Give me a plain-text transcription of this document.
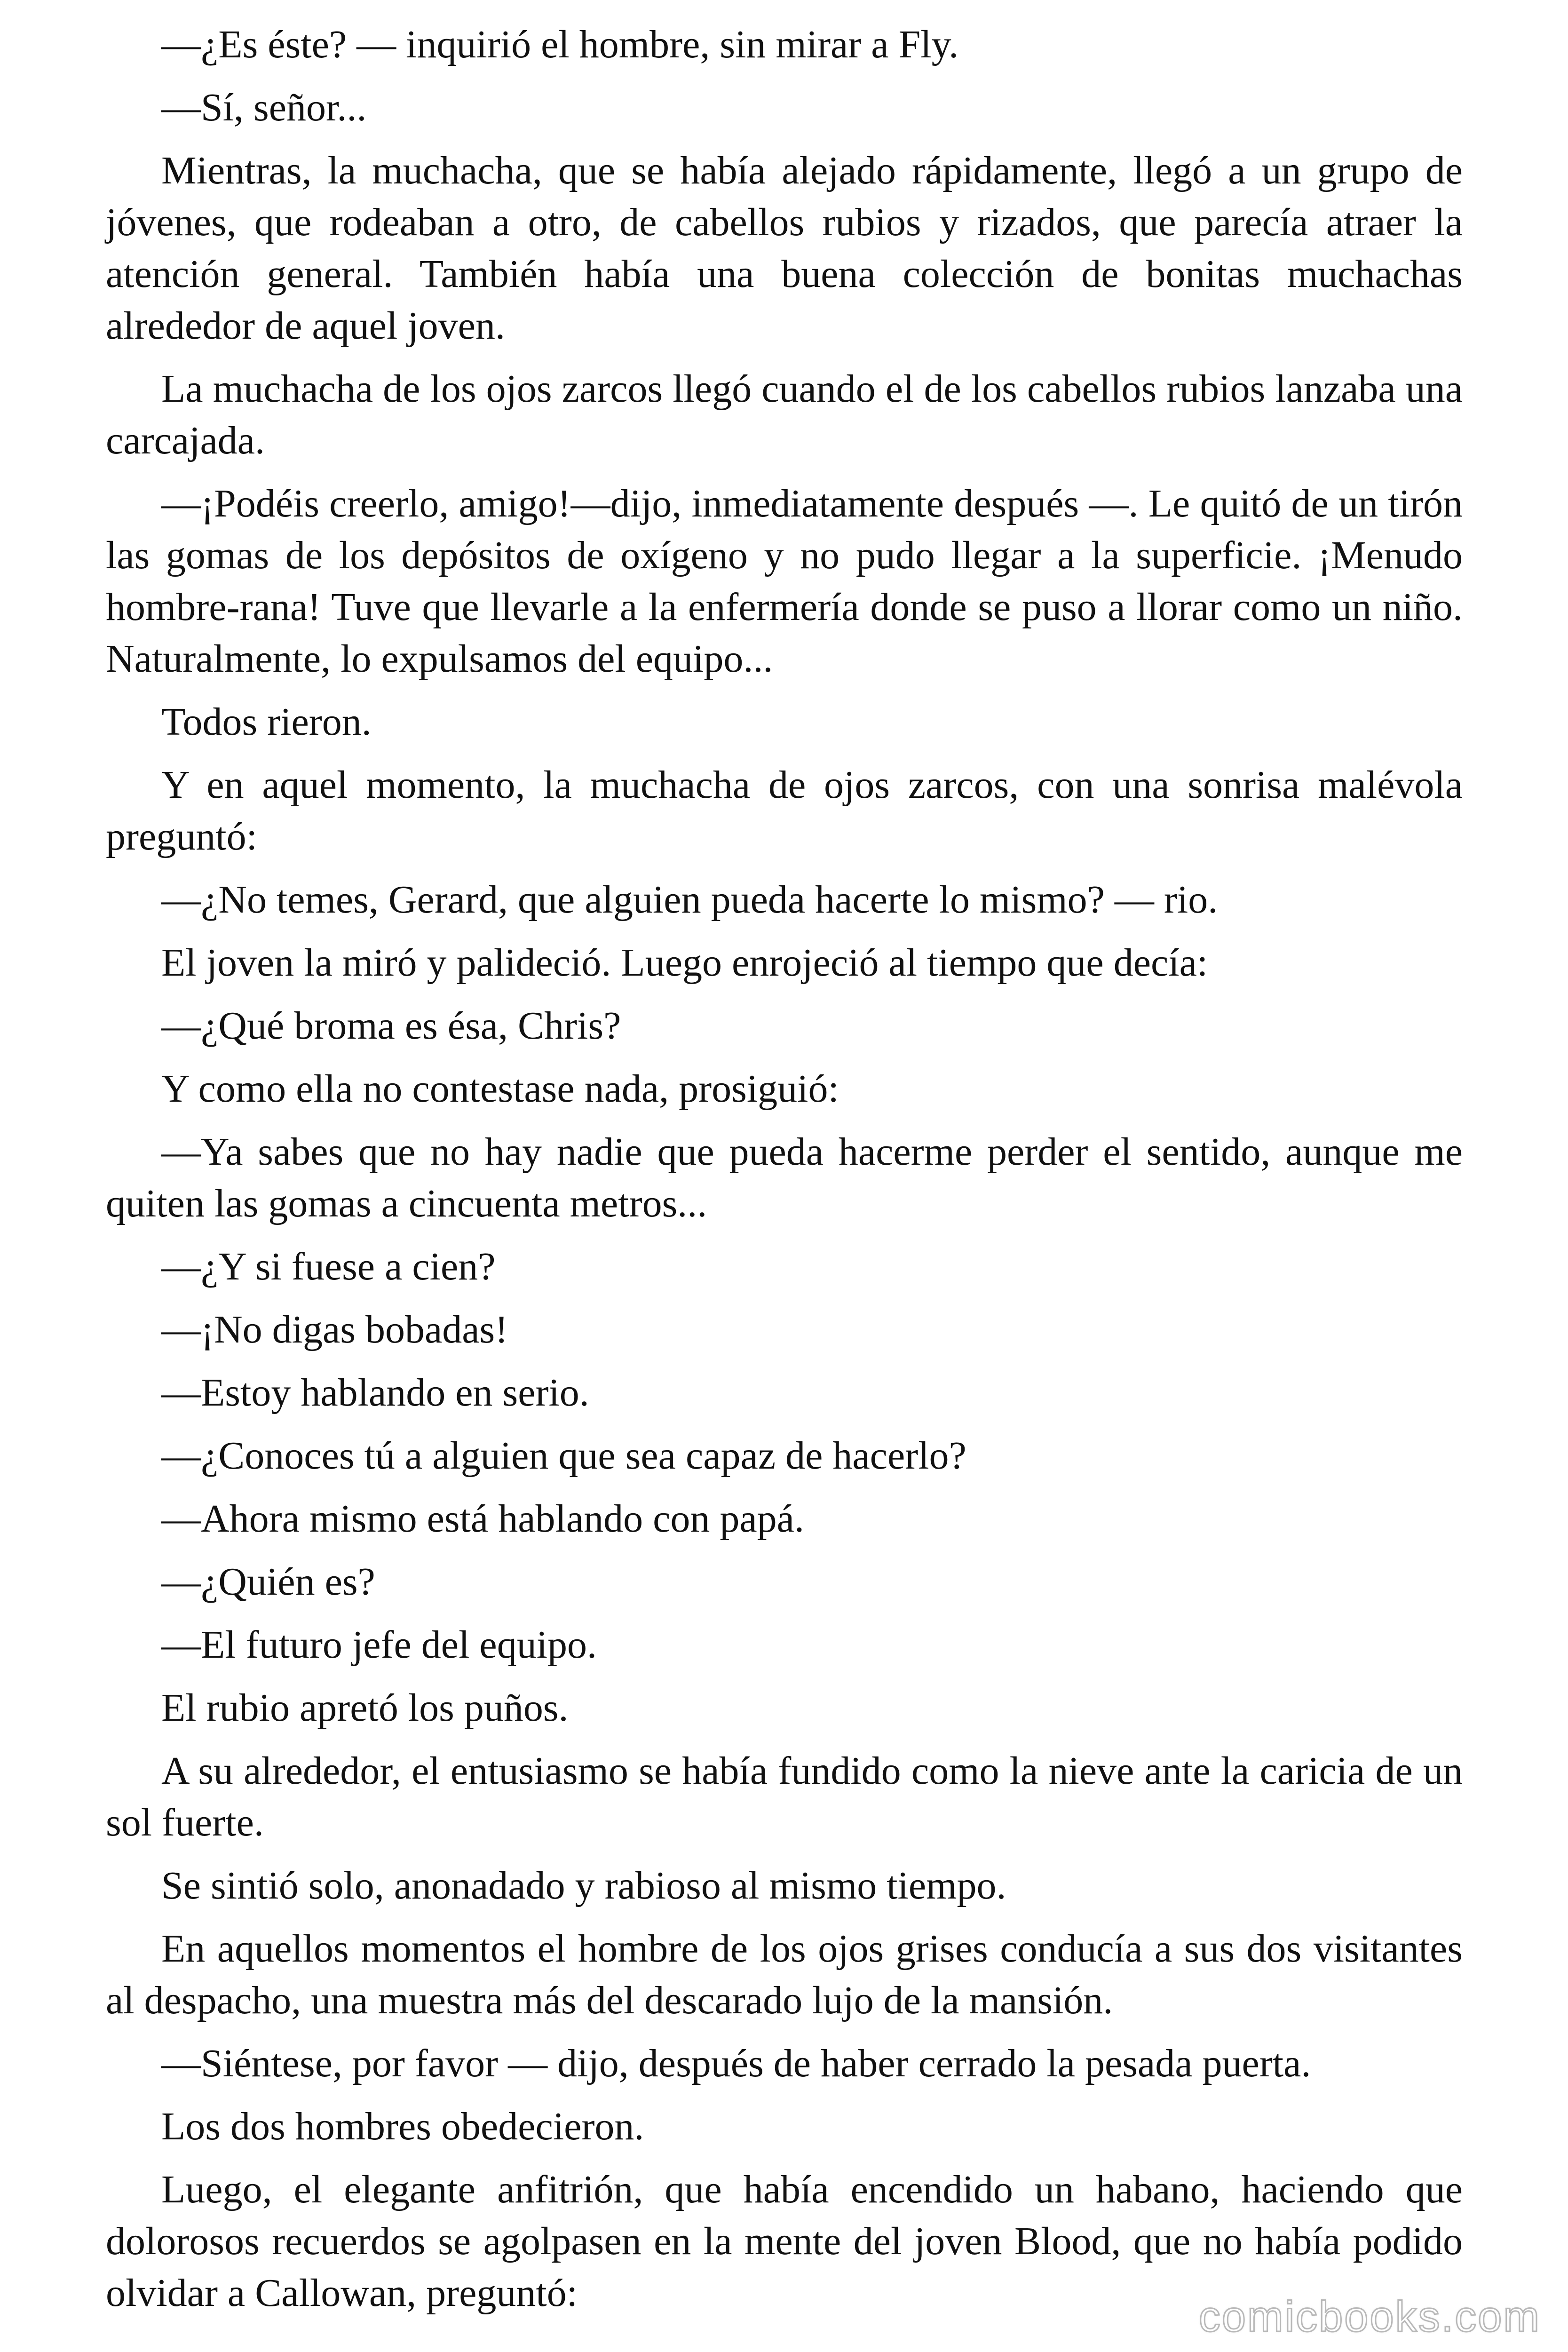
—¿Es éste? — inquirió el hombre, sin mirar a Fly.

—Sí, señor...

Mientras, la muchacha, que se había alejado rápidamente, llegó a un grupo de jóvenes, que rodeaban a otro, de cabellos rubios y rizados, que parecía atraer la atención general. También había una buena colección de bonitas muchachas alrededor de aquel joven.

La muchacha de los ojos zarcos llegó cuando el de los cabellos rubios lanzaba una carcajada.

—¡Podéis creerlo, amigo!—dijo, inmediatamente después —. Le quitó de un tirón las gomas de los depósitos de oxígeno y no pudo llegar a la superficie. ¡Menudo hombre-rana! Tuve que llevarle a la enfermería donde se puso a llorar como un niño. Naturalmente, lo expulsamos del equipo...

Todos rieron.

Y en aquel momento, la muchacha de ojos zarcos, con una sonrisa malévola preguntó:

—¿No temes, Gerard, que alguien pueda hacerte lo mismo? — rio.

El joven la miró y palideció. Luego enrojeció al tiempo que decía:

—¿Qué broma es ésa, Chris?

Y como ella no contestase nada, prosiguió:

—Ya sabes que no hay nadie que pueda hacerme perder el sentido, aunque me quiten las gomas a cincuenta metros...

—¿Y si fuese a cien?

—¡No digas bobadas!

—Estoy hablando en serio.

—¿Conoces tú a alguien que sea capaz de hacerlo?

—Ahora mismo está hablando con papá.

—¿Quién es?

—El futuro jefe del equipo.

El rubio apretó los puños.

A su alrededor, el entusiasmo se había fundido como la nieve ante la caricia de un sol fuerte.

Se sintió solo, anonadado y rabioso al mismo tiempo.

En aquellos momentos el hombre de los ojos grises conducía a sus dos visitantes al despacho, una muestra más del descarado lujo de la mansión.

—Siéntese, por favor — dijo, después de haber cerrado la pesada puerta.

Los dos hombres obedecieron.

Luego, el elegante anfitrión, que había encendido un habano, haciendo que dolorosos recuerdos se agolpasen en la mente del joven Blood, que no había podido olvidar a Callowan, preguntó:	comicbooks.com
